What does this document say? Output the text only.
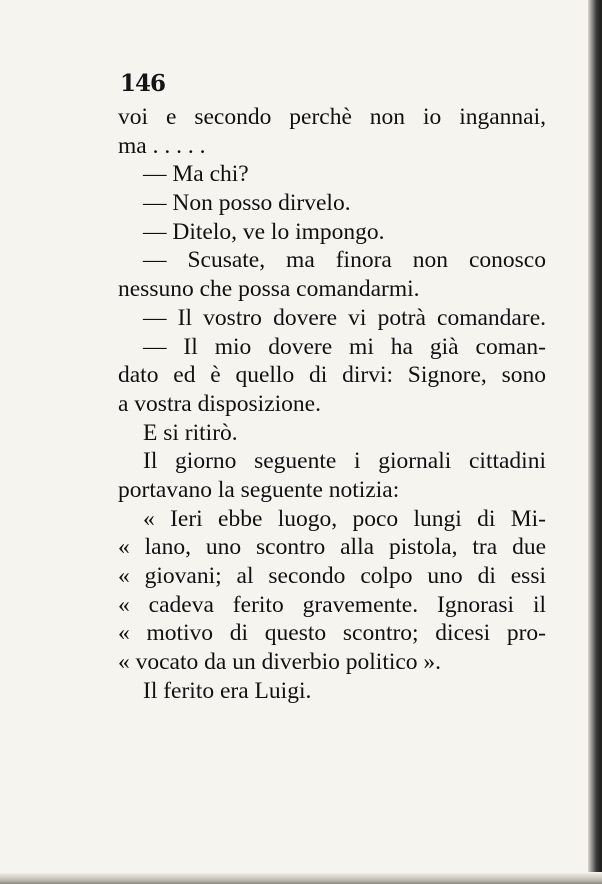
146
voi e secondo perchè non io ingannai,
ma . . . . .
— Ma chi?
— Non posso dirvelo.
— Ditelo, ve lo impongo.
— Scusate, ma finora non conosco
nessuno che possa comandarmi.
— Il vostro dovere vi potrà comandare.
— Il mio dovere mi ha già coman-
dato ed è quello di dirvi: Signore, sono
a vostra disposizione.
E si ritirò.
Il giorno seguente i giornali cittadini
portavano la seguente notizia:
« Ieri ebbe luogo, poco lungi di Mi-
« lano, uno scontro alla pistola, tra due
« giovani; al secondo colpo uno di essi
« cadeva ferito gravemente. Ignorasi il
« motivo di questo scontro; dicesi pro-
« vocato da un diverbio politico ».
Il ferito era Luigi.
